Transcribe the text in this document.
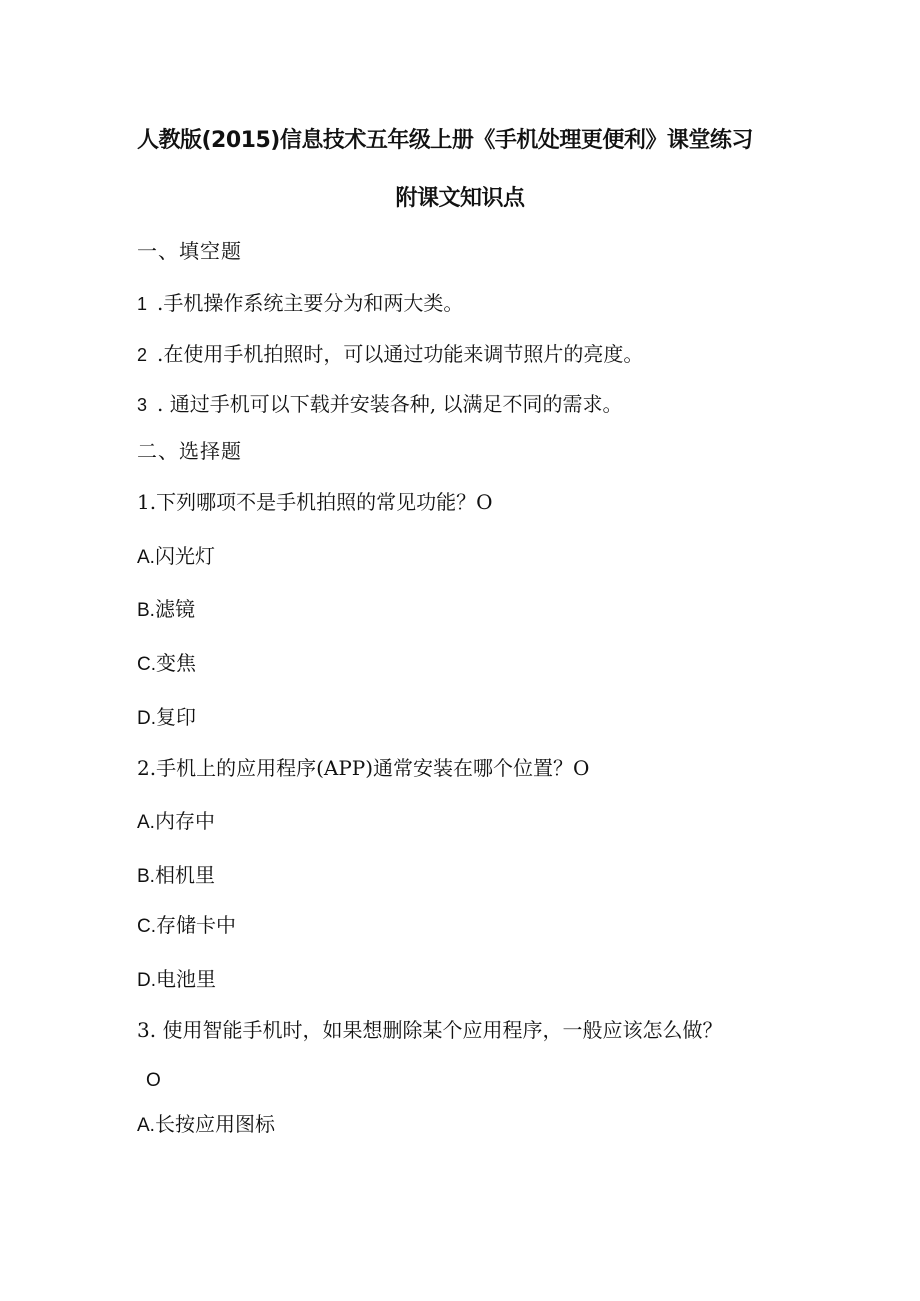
人教版(2015)信息技术五年级上册《手机处理更便利》课堂练习
附课文知识点
一、填空题
1 .手机操作系统主要分为和两大类。
2 .在使用手机拍照时，可以通过功能来调节照片的亮度。
3 . 通过手机可以下载并安装各种, 以满足不同的需求。
二、选择题
1.下列哪项不是手机拍照的常见功能？O
A.闪光灯
B.滤镜
C.变焦
D.复印
2.手机上的应用程序(APP)通常安装在哪个位置？O
A.内存中
B.相机里
C.存储卡中
D.电池里
3. 使用智能手机时，如果想删除某个应用程序，一般应该怎么做？
O
A.长按应用图标
